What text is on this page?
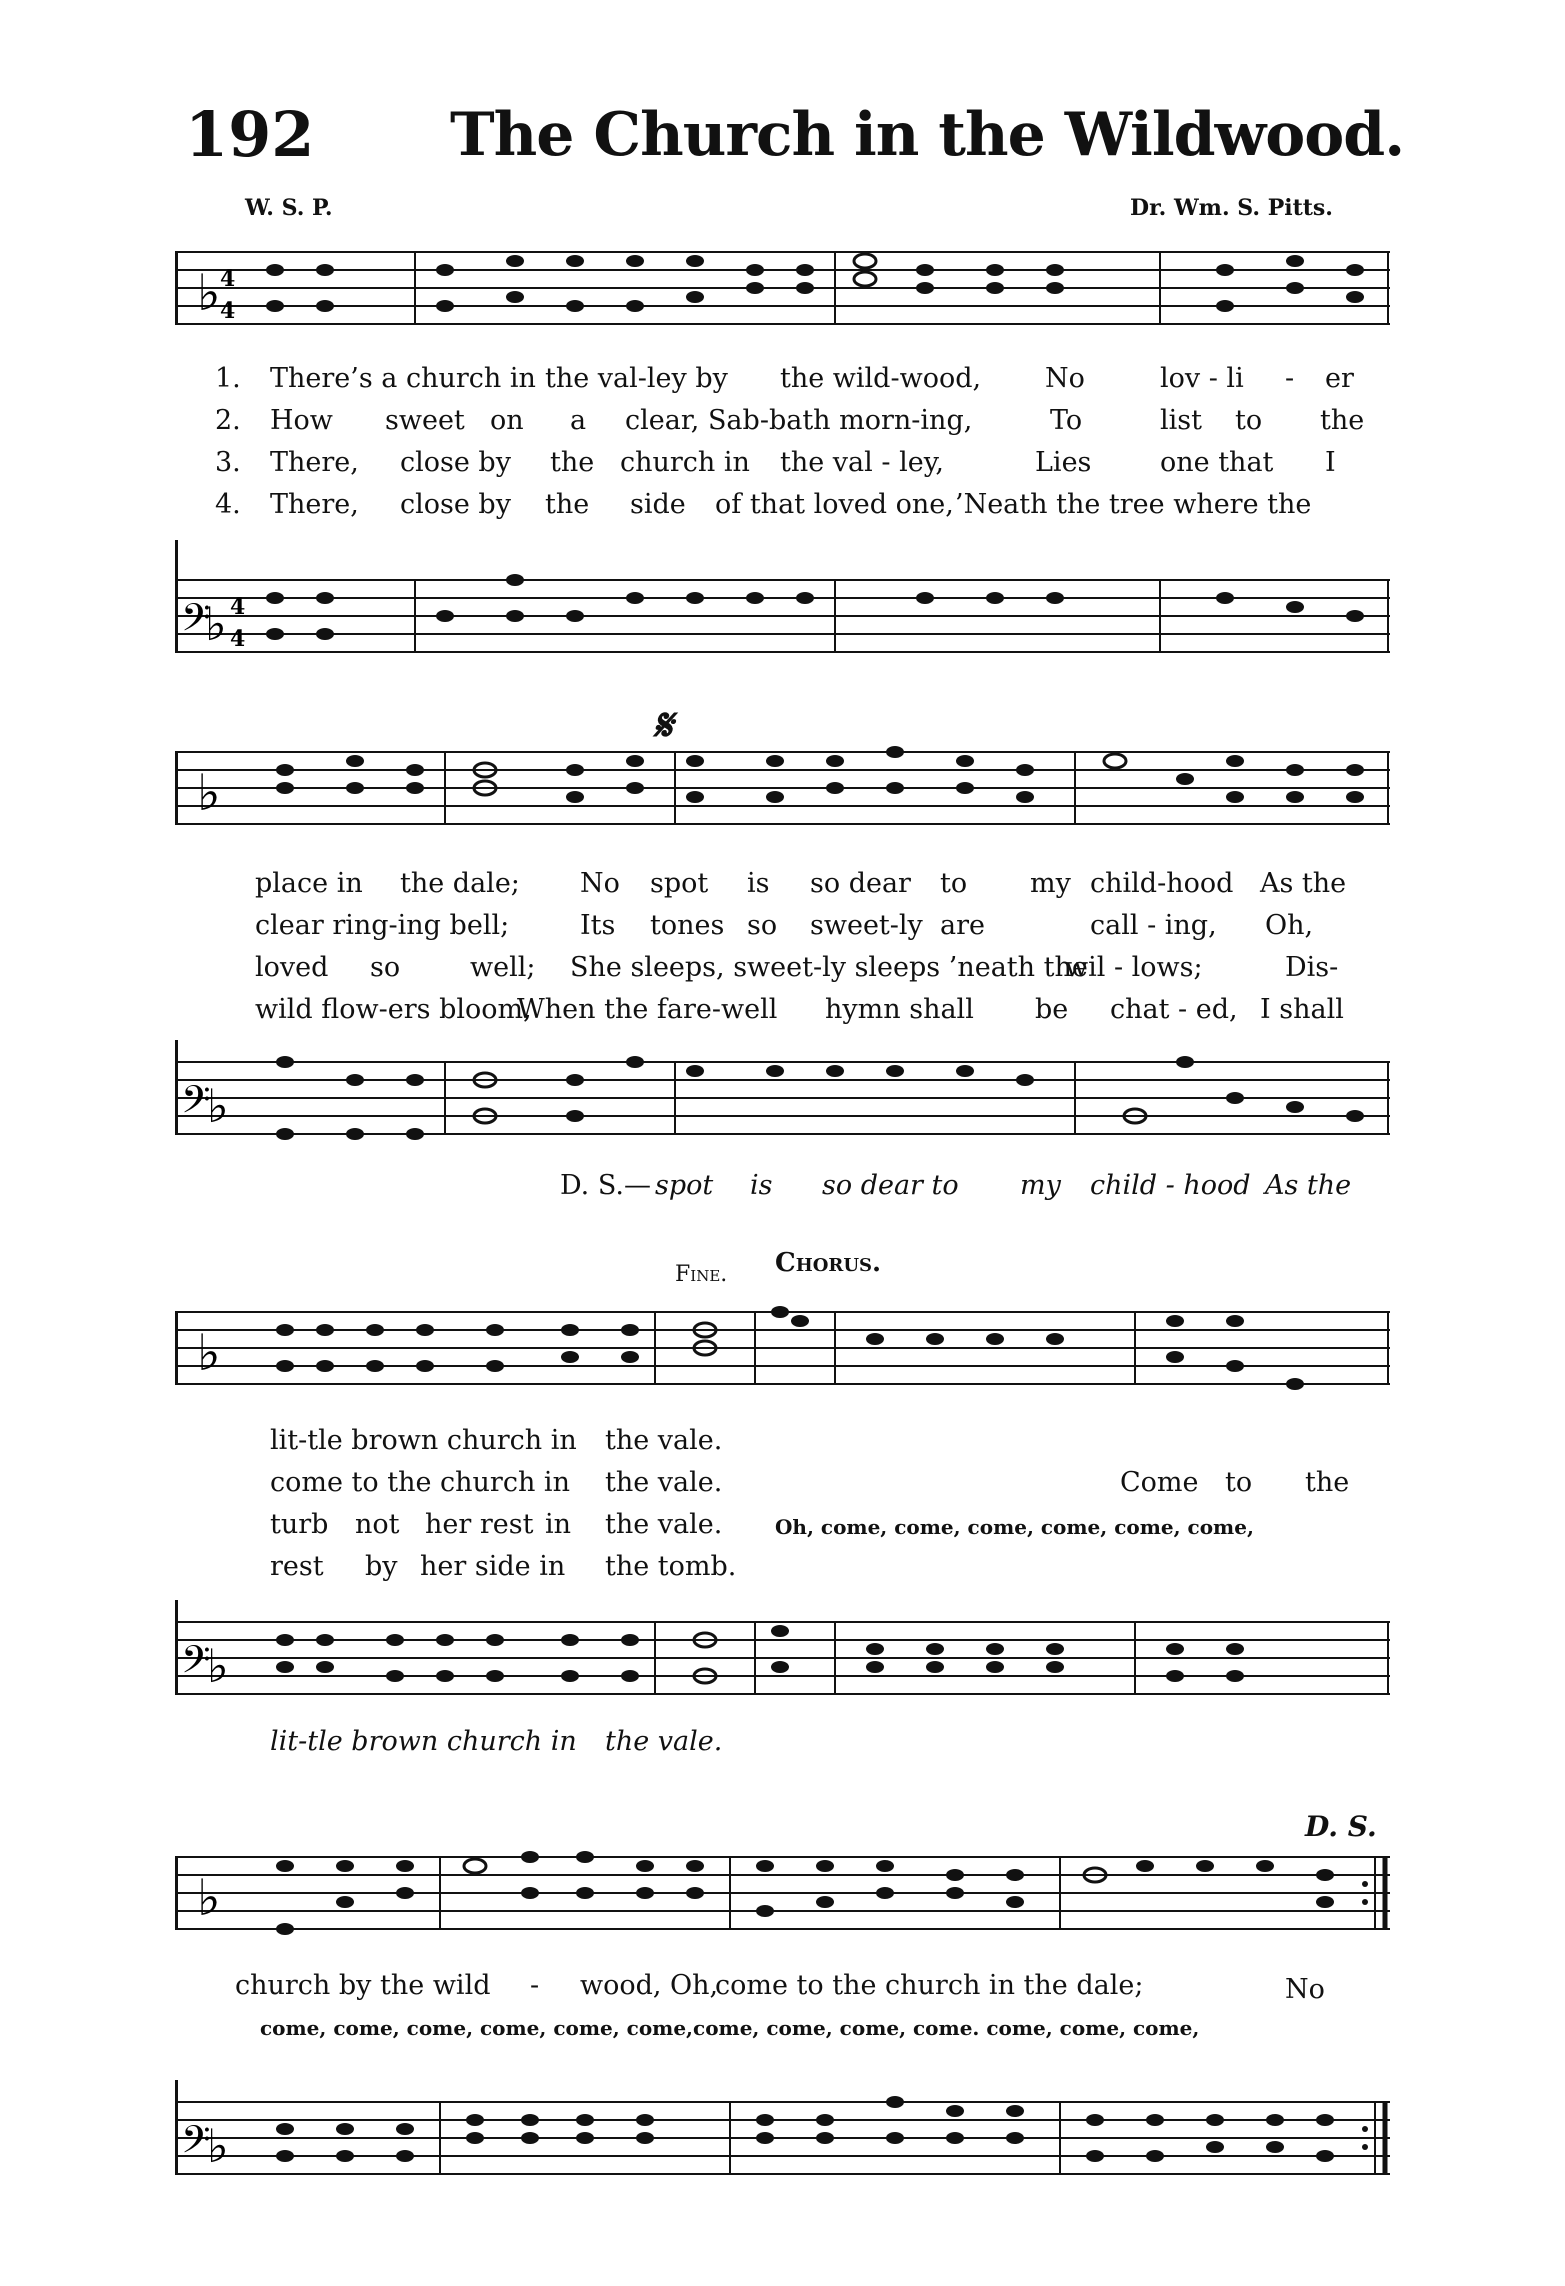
192 The Church in the Wildwood.
W. S. P.	Dr. Wm. S. Pitts.
♭ 4
4
1. There’s a church in the val-ley by the wild-wood, No	lov - li - er
2. How sweet on a clear, Sab-bath morn-ing,	To	list to the
3. There, close by the church in the val - ley,	Lies	one that I
4. There, close by the side of that loved one, ’Neath the tree where the
𝄢
♭ 4
4
𝄋
♭
place in the dale; No spot is so dear to my child-hood As the
clear ring-ing bell;	Its tones so sweet-ly are	call - ing, Oh,
loved so	well; She sleeps, sweet-ly sleeps ’neath the
wil - lows;	Dis-
wild flow-ers bloom,
When the fare-well hymn shall be chat - ed, I shall
𝄢
♭
D. S.— spot is so dear to my child - hood As the
Fine. Chorus.
♭
lit-tle brown church in the vale.
come to the church in the vale.	Come to the
turb not her rest in the vale.	Oh, come, come, come, come, come, come,
rest by her side in the tomb.
𝄢
♭
lit-tle brown church in the vale.
D. S.
♭
church by the wild - wood, Oh,
come to the church in the dale;	No
come, come, come, come, come, come,come, come, come, come. come, come, come,
𝄢
♭
